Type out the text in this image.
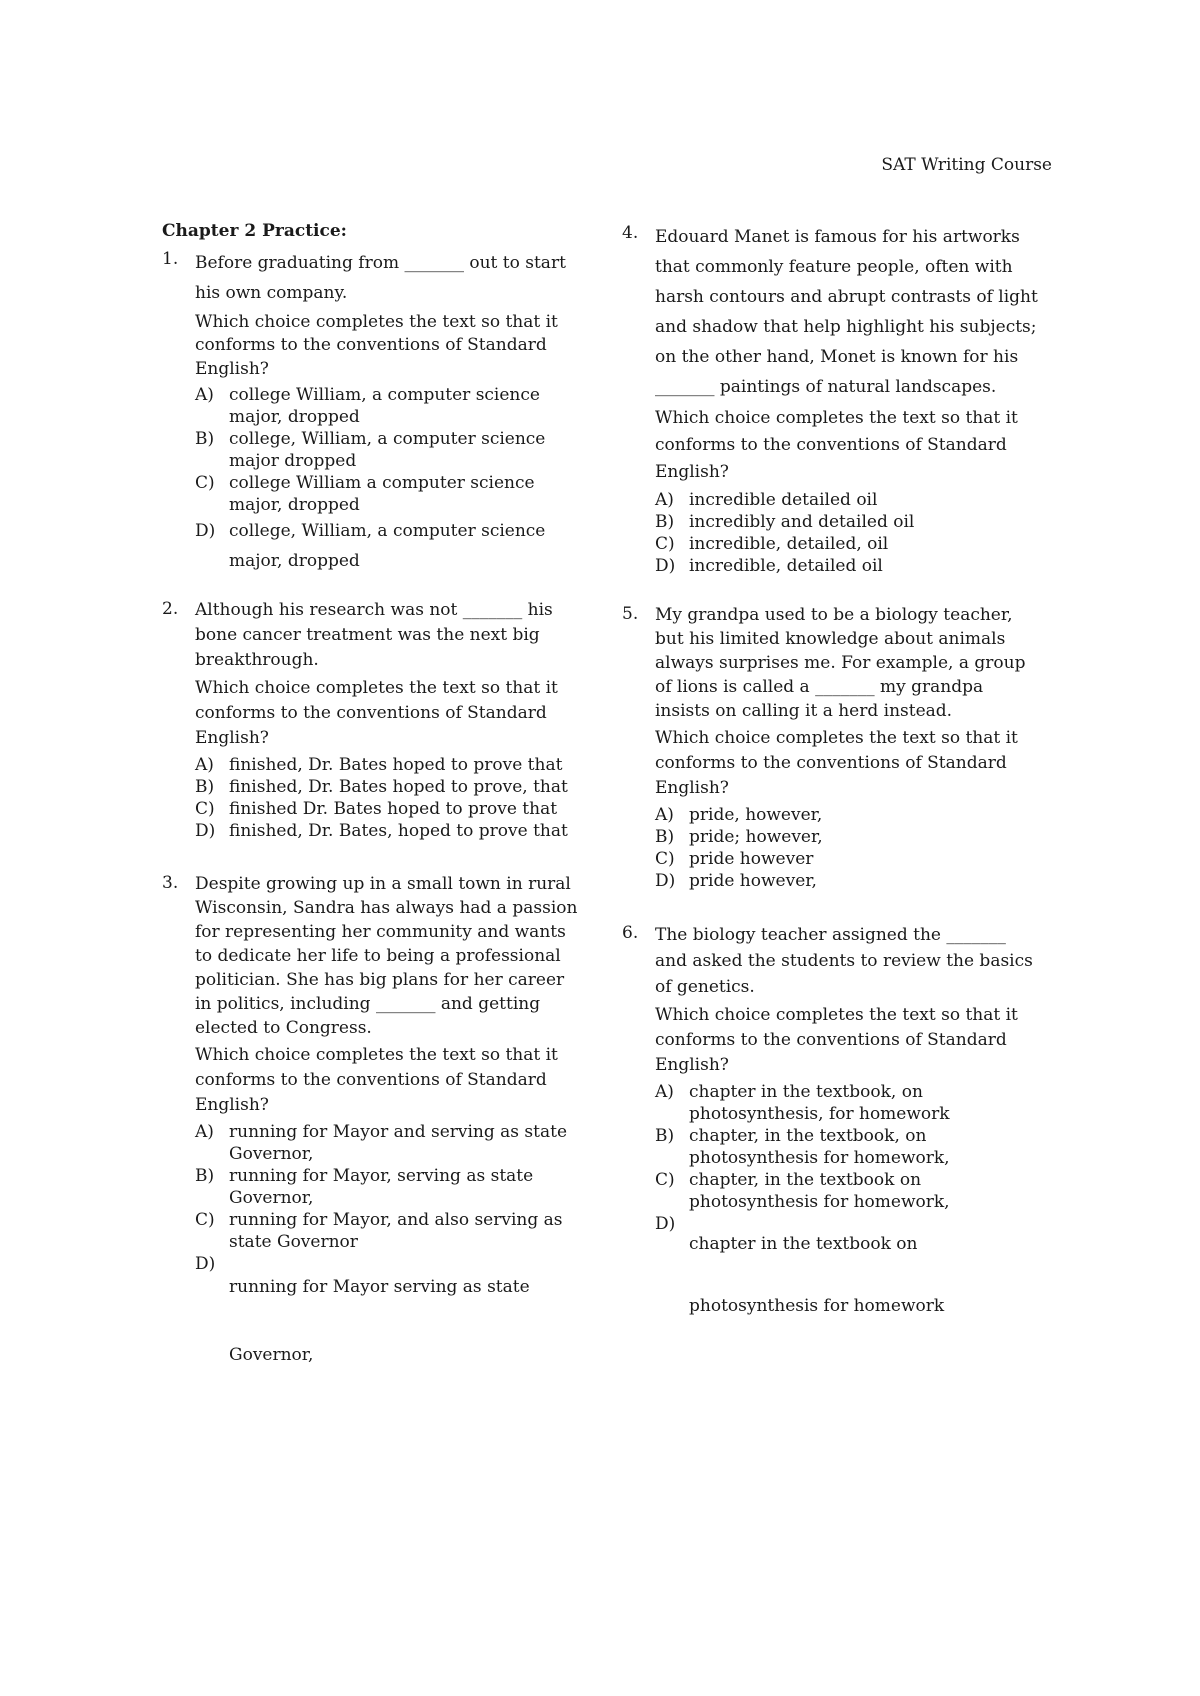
SAT Writing Course
Chapter 2 Practice:
1. Before graduating from _______ out to start his own company.
Which choice completes the text so that it conforms to the conventions of Standard English?
A) college William, a computer science major, dropped
B) college, William, a computer science major dropped
C) college William a computer science major, dropped
D) college, William, a computer science major, dropped
2. Although his research was not _______ his bone cancer treatment was the next big breakthrough.
Which choice completes the text so that it conforms to the conventions of Standard English?
A) finished, Dr. Bates hoped to prove that
B) finished, Dr. Bates hoped to prove, that
C) finished Dr. Bates hoped to prove that
D) finished, Dr. Bates, hoped to prove that
3. Despite growing up in a small town in rural Wisconsin, Sandra has always had a passion for representing her community and wants to dedicate her life to being a professional politician. She has big plans for her career in politics, including _______ and getting elected to Congress.
Which choice completes the text so that it conforms to the conventions of Standard English?
A) running for Mayor and serving as state Governor,
B) running for Mayor, serving as state Governor,
C) running for Mayor, and also serving as state Governor
D)
running for Mayor serving as state Governor,
4. Edouard Manet is famous for his artworks that commonly feature people, often with harsh contours and abrupt contrasts of light and shadow that help highlight his subjects; on the other hand, Monet is known for his _______ paintings of natural landscapes.
Which choice completes the text so that it conforms to the conventions of Standard English?
A) incredible detailed oil
B) incredibly and detailed oil
C) incredible, detailed, oil
D) incredible, detailed oil
5. My grandpa used to be a biology teacher, but his limited knowledge about animals always surprises me. For example, a group of lions is called a _______ my grandpa insists on calling it a herd instead.
Which choice completes the text so that it conforms to the conventions of Standard English?
A) pride, however,
B) pride; however,
C) pride however
D) pride however,
6. The biology teacher assigned the _______ and asked the students to review the basics of genetics.
Which choice completes the text so that it conforms to the conventions of Standard English?
A) chapter in the textbook, on photosynthesis, for homework
B) chapter, in the textbook, on photosynthesis for homework,
C) chapter, in the textbook on photosynthesis for homework,
D)
chapter in the textbook on photosynthesis for homework
